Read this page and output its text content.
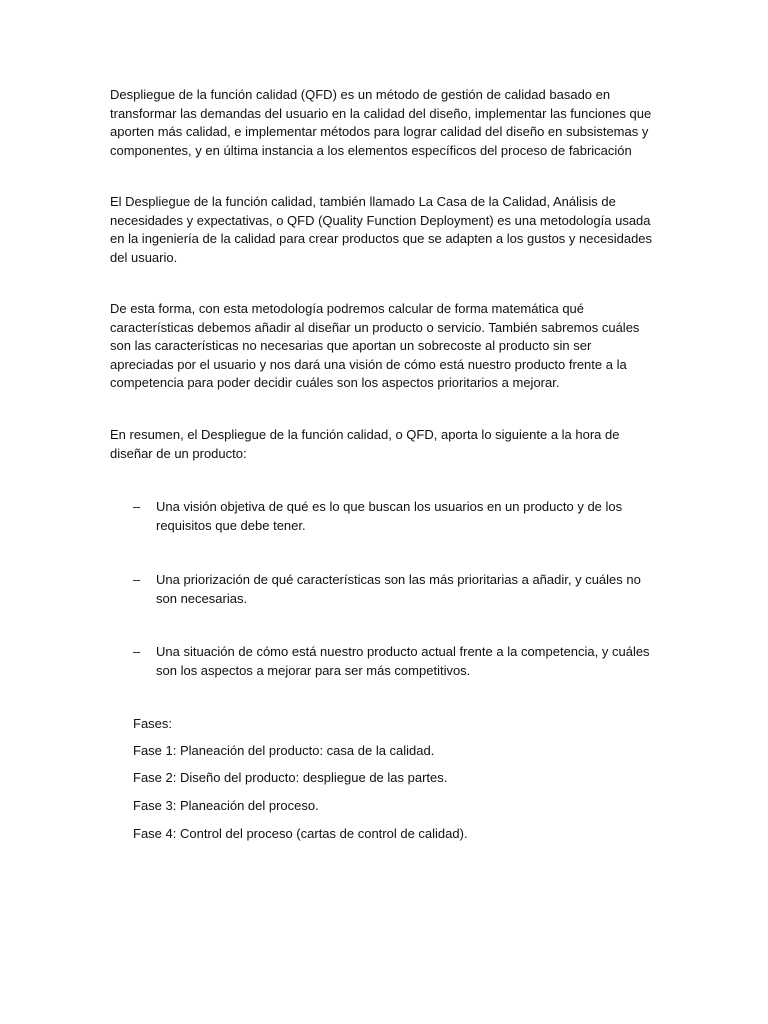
Despliegue de la función calidad (QFD) es un método de gestión de calidad basado en transformar las demandas del usuario en la calidad del diseño, implementar las funciones que aporten más calidad, e implementar métodos para lograr calidad del diseño en subsistemas y componentes, y en última instancia a los elementos específicos del proceso de fabricación

El Despliegue de la función calidad, también llamado La Casa de la Calidad, Análisis de necesidades y expectativas, o QFD (Quality Function Deployment) es una metodología usada en la ingeniería de la calidad para crear productos que se adapten a los gustos y necesidades del usuario.

De esta forma, con esta metodología podremos calcular de forma matemática qué características debemos añadir al diseñar un producto o servicio. También sabremos cuáles son las características no necesarias que aportan un sobrecoste al producto sin ser apreciadas por el usuario y nos dará una visión de cómo está nuestro producto frente a la competencia para poder decidir cuáles son los aspectos prioritarios a mejorar.

En resumen, el Despliegue de la función calidad, o QFD, aporta lo siguiente a la hora de diseñar de un producto:

– Una visión objetiva de qué es lo que buscan los usuarios en un producto y de los requisitos que debe tener.
– Una priorización de qué características son las más prioritarias a añadir, y cuáles no son necesarias.
– Una situación de cómo está nuestro producto actual frente a la competencia, y cuáles son los aspectos a mejorar para ser más competitivos.

Fases:

Fase 1: Planeación del producto: casa de la calidad.

Fase 2: Diseño del producto: despliegue de las partes.

Fase 3: Planeación del proceso.

Fase 4: Control del proceso (cartas de control de calidad).
